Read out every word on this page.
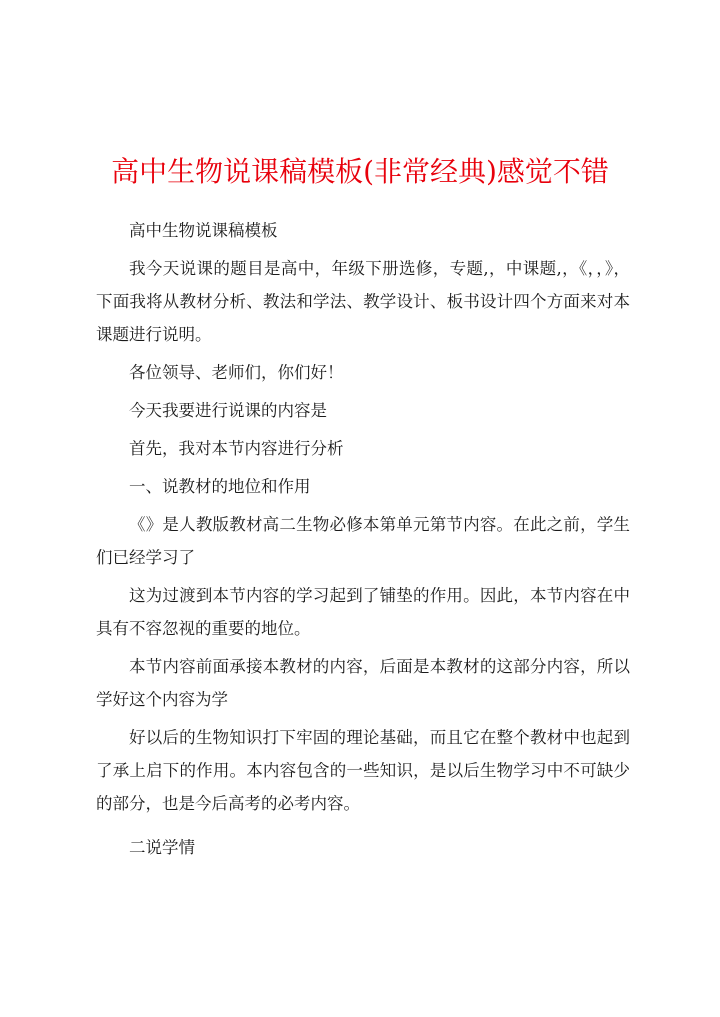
高中生物说课稿模板(非常经典)感觉不错

高中生物说课稿模板

我今天说课的题目是高中，年级下册选修，专题,，中课题,，《，，》，下面我将从教材分析、教法和学法、教学设计、板书设计四个方面来对本课题进行说明。

各位领导、老师们，你们好！

今天我要进行说课的内容是

首先，我对本节内容进行分析

一、说教材的地位和作用

《》是人教版教材高二生物必修本第单元第节内容。在此之前，学生们已经学习了

这为过渡到本节内容的学习起到了铺垫的作用。因此，本节内容在中具有不容忽视的重要的地位。

本节内容前面承接本教材的内容，后面是本教材的这部分内容，所以学好这个内容为学

好以后的生物知识打下牢固的理论基础，而且它在整个教材中也起到了承上启下的作用。本内容包含的一些知识，是以后生物学习中不可缺少的部分，也是今后高考的必考内容。

二说学情
